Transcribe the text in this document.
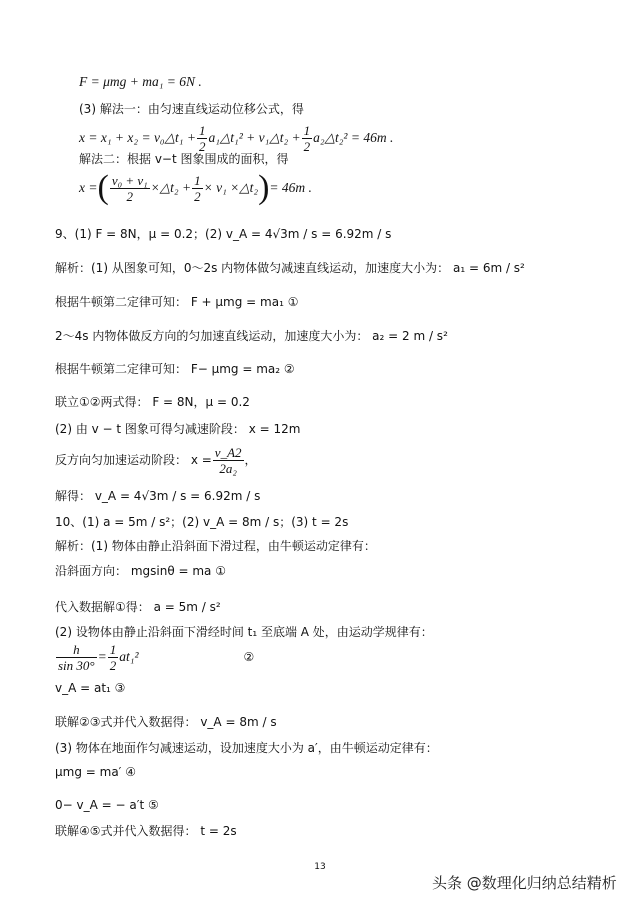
F = μmg + ma₁ = 6N .
(3) 解法一：由匀速直线运动位移公式，得
x = x₁ + x₂ = v₀△t₁ + $\frac{1}{2}$ a₁△t₁² + v₁△t₂ + $\frac{1}{2}$ a₂△t₂² = 46m .
解法二：根据 v−t 图象围成的面积，得
x = ( $\frac{\text{v₀ + v₁}}{2}$ ×△t₂ + $\frac{1}{2} \times v_1$ ×△t₂ ) = 46m .
9、(1) F = 8N，μ = 0.2；(2) v_A = 4√3m / s = 6.92m / s
解析：(1) 从图象可知，0～2s 内物体做匀减速直线运动，加速度大小为： a₁ = 6m / s²
根据牛顿第二定律可知： F + μmg = ma₁ ①
2～4s 内物体做反方向的匀加速直线运动，加速度大小为： a₂ = 2 m / s²
根据牛顿第二定律可知： F− μmg = ma₂ ②
联立①②两式得： F = 8N，μ = 0.2
(2) 由 v − t 图象可得匀减速阶段： x = 12m
反方向匀加速运动阶段： $x = \frac{v\_A2}{\text{2a₂}}$ ，
解得： v_A = 4√3m / s = 6.92m / s
10、(1) a = 5m / s²；(2) v_A = 8m / s；(3) t = 2s
解析：(1) 物体由静止沿斜面下滑过程，由牛顿运动定律有：
沿斜面方向： mgsinθ = ma ①
代入数据解①得： a = 5m / s²
(2) 设物体由静止沿斜面下滑经时间 t₁ 至底端 A 处，由运动学规律有：
$\frac{h}{\sin 30^\circ} = \frac{1}{2} at_1^2$	②
v_A = at₁ ③
联解②③式并代入数据得： v_A = 8m / s
(3) 物体在地面作匀减速运动，设加速度大小为 a′，由牛顿运动定律有：
μmg = ma′ ④
0− v_A = − a′t ⑤
联解④⑤式并代入数据得： t = 2s
13
头条 @数理化归纳总结精析
